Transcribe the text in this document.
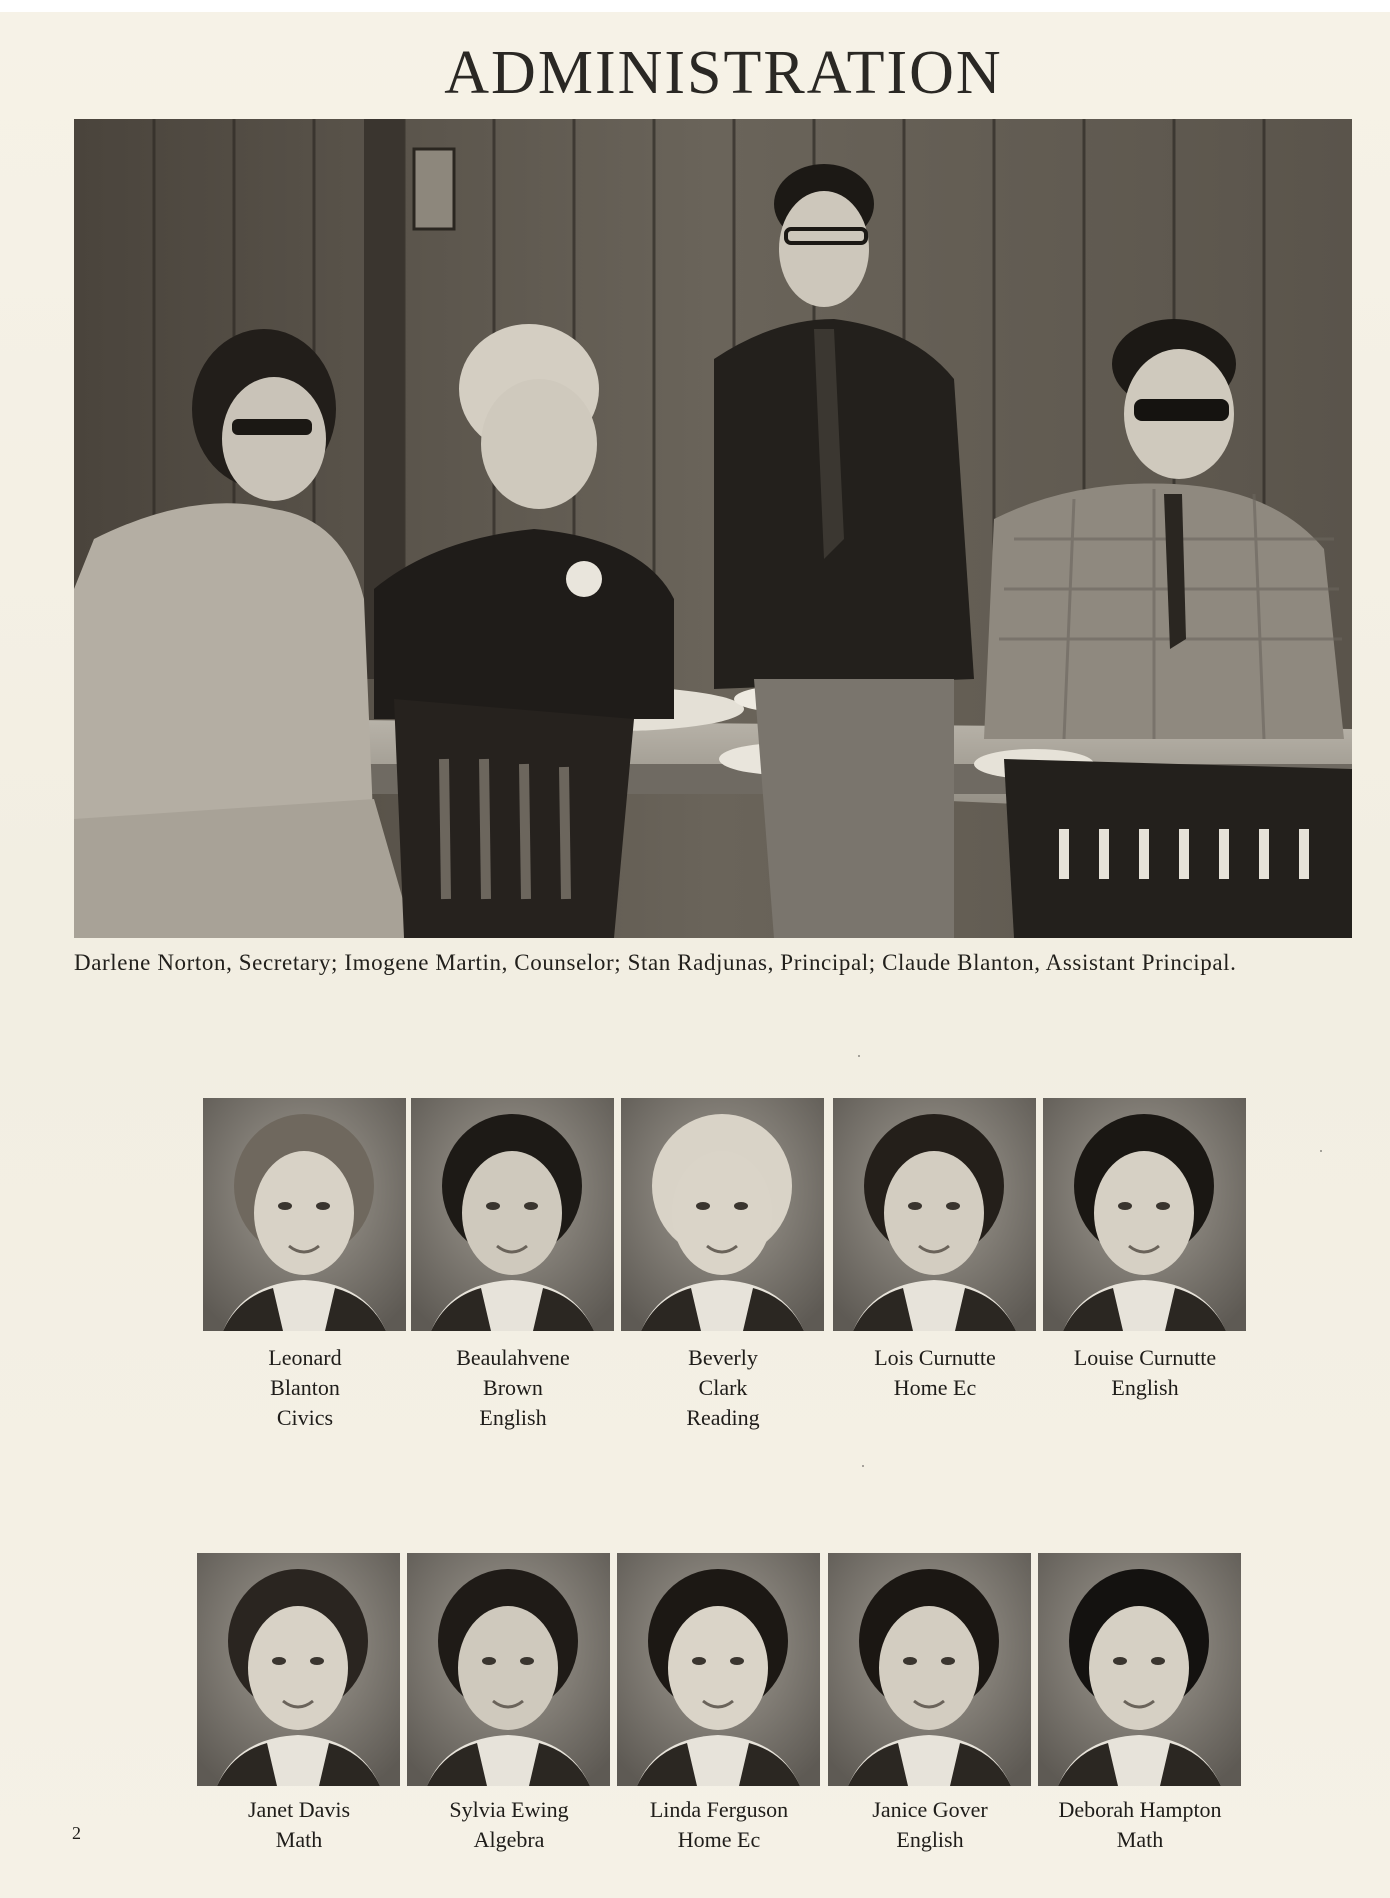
ADMINISTRATION
Darlene Norton, Secretary; Imogene Martin, Counselor; Stan Radjunas, Principal; Claude Blanton, Assistant Principal.
Leonard
Blanton
Civics
Beaulahvene
Brown
English
Beverly
Clark
Reading
Lois Curnutte
Home Ec
Louise Curnutte
English
Janet Davis
Math
Sylvia Ewing
Algebra
Linda Ferguson
Home Ec
Janice Gover
English
Deborah Hampton
Math
2
